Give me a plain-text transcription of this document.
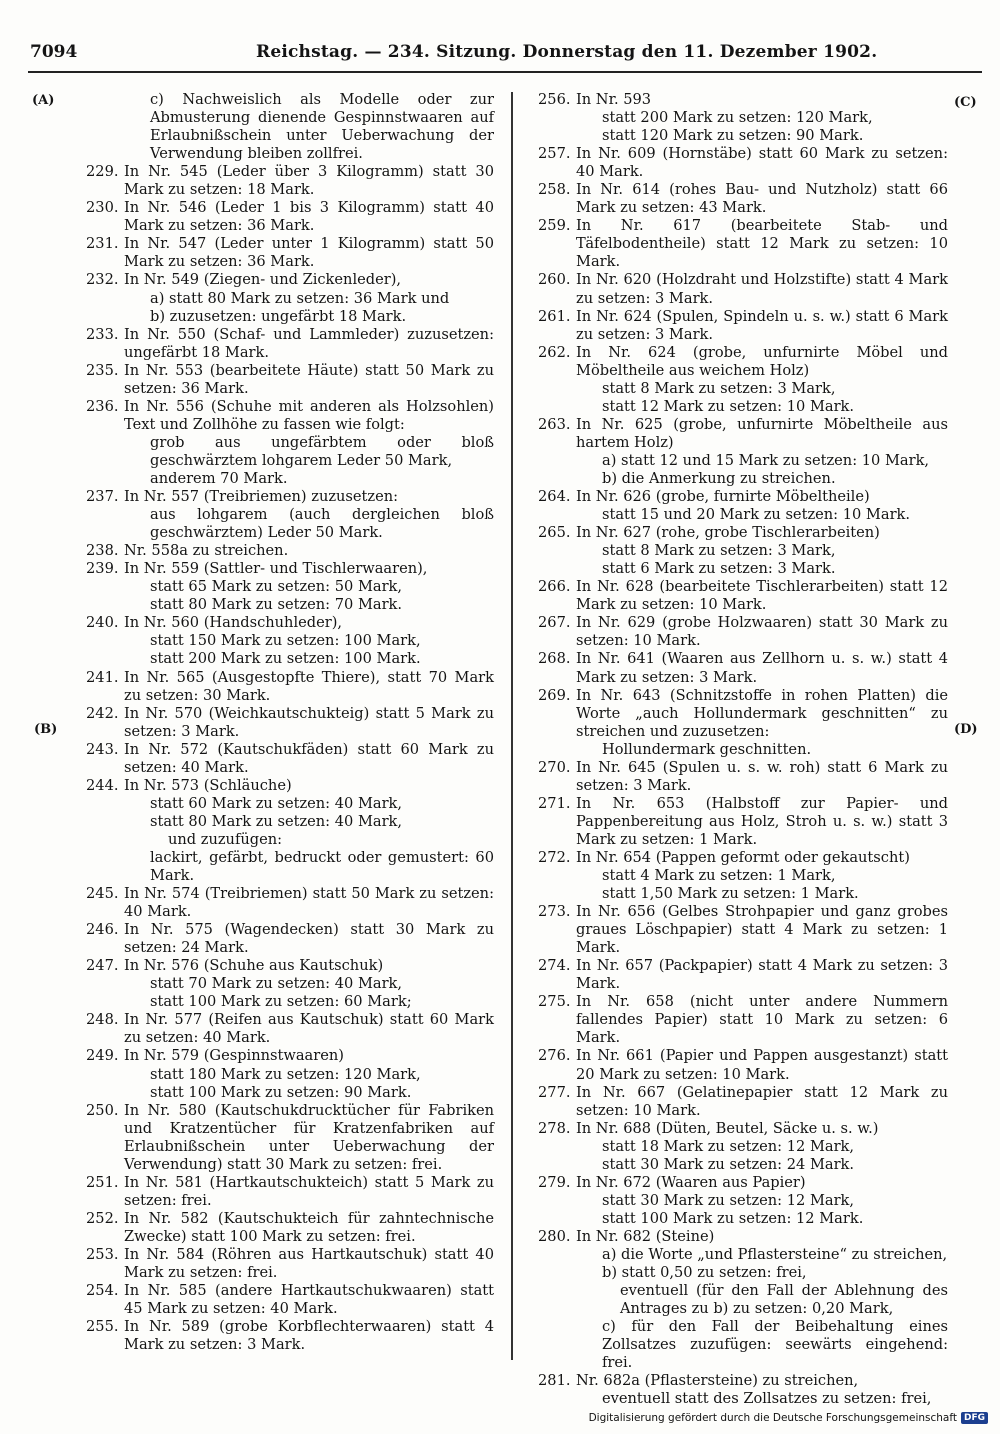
7094	Reichstag. — 234. Sitzung. Donnerstag den 11. Dezember 1902.
(A)
(B)
(C)
(D)
c) Nachweislich als Modelle oder zur Abmusterung dienende Gespinnstwaaren auf Erlaubnißschein unter Ueberwachung der Verwendung bleiben zollfrei.
229. In Nr. 545 (Leder über 3 Kilogramm) statt 30 Mark zu setzen: 18 Mark.
230. In Nr. 546 (Leder 1 bis 3 Kilogramm) statt 40 Mark zu setzen: 36 Mark.
231. In Nr. 547 (Leder unter 1 Kilogramm) statt 50 Mark zu setzen: 36 Mark.
232. In Nr. 549 (Ziegen- und Zickenleder),
a) statt 80 Mark zu setzen: 36 Mark und
b) zuzusetzen: ungefärbt 18 Mark.
233. In Nr. 550 (Schaf- und Lammleder) zuzusetzen: ungefärbt 18 Mark.
235. In Nr. 553 (bearbeitete Häute) statt 50 Mark zu setzen: 36 Mark.
236. In Nr. 556 (Schuhe mit anderen als Holzsohlen) Text und Zollhöhe zu fassen wie folgt:
grob aus ungefärbtem oder bloß geschwärztem lohgarem Leder 50 Mark,
anderem 70 Mark.
237. In Nr. 557 (Treibriemen) zuzusetzen:
aus lohgarem (auch dergleichen bloß geschwärztem) Leder 50 Mark.
238. Nr. 558a zu streichen.
239. In Nr. 559 (Sattler- und Tischlerwaaren),
statt 65 Mark zu setzen: 50 Mark,
statt 80 Mark zu setzen: 70 Mark.
240. In Nr. 560 (Handschuhleder),
statt 150 Mark zu setzen: 100 Mark,
statt 200 Mark zu setzen: 100 Mark.
241. In Nr. 565 (Ausgestopfte Thiere), statt 70 Mark zu setzen: 30 Mark.
242. In Nr. 570 (Weichkautschukteig) statt 5 Mark zu setzen: 3 Mark.
243. In Nr. 572 (Kautschukfäden) statt 60 Mark zu setzen: 40 Mark.
244. In Nr. 573 (Schläuche)
statt 60 Mark zu setzen: 40 Mark,
statt 80 Mark zu setzen: 40 Mark,
und zuzufügen:
lackirt, gefärbt, bedruckt oder gemustert: 60 Mark.
245. In Nr. 574 (Treibriemen) statt 50 Mark zu setzen: 40 Mark.
246. In Nr. 575 (Wagendecken) statt 30 Mark zu setzen: 24 Mark.
247. In Nr. 576 (Schuhe aus Kautschuk)
statt 70 Mark zu setzen: 40 Mark,
statt 100 Mark zu setzen: 60 Mark;
248. In Nr. 577 (Reifen aus Kautschuk) statt 60 Mark zu setzen: 40 Mark.
249. In Nr. 579 (Gespinnstwaaren)
statt 180 Mark zu setzen: 120 Mark,
statt 100 Mark zu setzen: 90 Mark.
250. In Nr. 580 (Kautschukdrucktücher für Fabriken und Kratzentücher für Kratzenfabriken auf Erlaubnißschein unter Ueberwachung der Verwendung) statt 30 Mark zu setzen: frei.
251. In Nr. 581 (Hartkautschukteich) statt 5 Mark zu setzen: frei.
252. In Nr. 582 (Kautschukteich für zahntechnische Zwecke) statt 100 Mark zu setzen: frei.
253. In Nr. 584 (Röhren aus Hartkautschuk) statt 40 Mark zu setzen: frei.
254. In Nr. 585 (andere Hartkautschukwaaren) statt 45 Mark zu setzen: 40 Mark.
255. In Nr. 589 (grobe Korbflechterwaaren) statt 4 Mark zu setzen: 3 Mark.
256. In Nr. 593
statt 200 Mark zu setzen: 120 Mark,
statt 120 Mark zu setzen: 90 Mark.
257. In Nr. 609 (Hornstäbe) statt 60 Mark zu setzen: 40 Mark.
258. In Nr. 614 (rohes Bau- und Nutzholz) statt 66 Mark zu setzen: 43 Mark.
259. In Nr. 617 (bearbeitete Stab- und Täfelbodentheile) statt 12 Mark zu setzen: 10 Mark.
260. In Nr. 620 (Holzdraht und Holzstifte) statt 4 Mark zu setzen: 3 Mark.
261. In Nr. 624 (Spulen, Spindeln u. s. w.) statt 6 Mark zu setzen: 3 Mark.
262. In Nr. 624 (grobe, unfurnirte Möbel und Möbeltheile aus weichem Holz)
statt 8 Mark zu setzen: 3 Mark,
statt 12 Mark zu setzen: 10 Mark.
263. In Nr. 625 (grobe, unfurnirte Möbeltheile aus hartem Holz)
a) statt 12 und 15 Mark zu setzen: 10 Mark,
b) die Anmerkung zu streichen.
264. In Nr. 626 (grobe, furnirte Möbeltheile)
statt 15 und 20 Mark zu setzen: 10 Mark.
265. In Nr. 627 (rohe, grobe Tischlerarbeiten)
statt 8 Mark zu setzen: 3 Mark,
statt 6 Mark zu setzen: 3 Mark.
266. In Nr. 628 (bearbeitete Tischlerarbeiten) statt 12 Mark zu setzen: 10 Mark.
267. In Nr. 629 (grobe Holzwaaren) statt 30 Mark zu setzen: 10 Mark.
268. In Nr. 641 (Waaren aus Zellhorn u. s. w.) statt 4 Mark zu setzen: 3 Mark.
269. In Nr. 643 (Schnitzstoffe in rohen Platten) die Worte „auch Hollundermark geschnitten“ zu streichen und zuzusetzen:
Hollundermark geschnitten.
270. In Nr. 645 (Spulen u. s. w. roh) statt 6 Mark zu setzen: 3 Mark.
271. In Nr. 653 (Halbstoff zur Papier- und Pappenbereitung aus Holz, Stroh u. s. w.) statt 3 Mark zu setzen: 1 Mark.
272. In Nr. 654 (Pappen geformt oder gekautscht)
statt 4 Mark zu setzen: 1 Mark,
statt 1,50 Mark zu setzen: 1 Mark.
273. In Nr. 656 (Gelbes Strohpapier und ganz grobes graues Löschpapier) statt 4 Mark zu setzen: 1 Mark.
274. In Nr. 657 (Packpapier) statt 4 Mark zu setzen: 3 Mark.
275. In Nr. 658 (nicht unter andere Nummern fallendes Papier) statt 10 Mark zu setzen: 6 Mark.
276. In Nr. 661 (Papier und Pappen ausgestanzt) statt 20 Mark zu setzen: 10 Mark.
277. In Nr. 667 (Gelatinepapier statt 12 Mark zu setzen: 10 Mark.
278. In Nr. 688 (Düten, Beutel, Säcke u. s. w.)
statt 18 Mark zu setzen: 12 Mark,
statt 30 Mark zu setzen: 24 Mark.
279. In Nr. 672 (Waaren aus Papier)
statt 30 Mark zu setzen: 12 Mark,
statt 100 Mark zu setzen: 12 Mark.
280. In Nr. 682 (Steine)
a) die Worte „und Pflastersteine“ zu streichen,
b) statt 0,50 zu setzen: frei,
eventuell (für den Fall der Ablehnung des Antrages zu b) zu setzen: 0,20 Mark,
c) für den Fall der Beibehaltung eines Zollsatzes zuzufügen: seewärts eingehend: frei.
281. Nr. 682a (Pflastersteine) zu streichen,
eventuell statt des Zollsatzes zu setzen: frei,
Digitalisierung gefördert durch die Deutsche Forschungsgemeinschaft DFG
